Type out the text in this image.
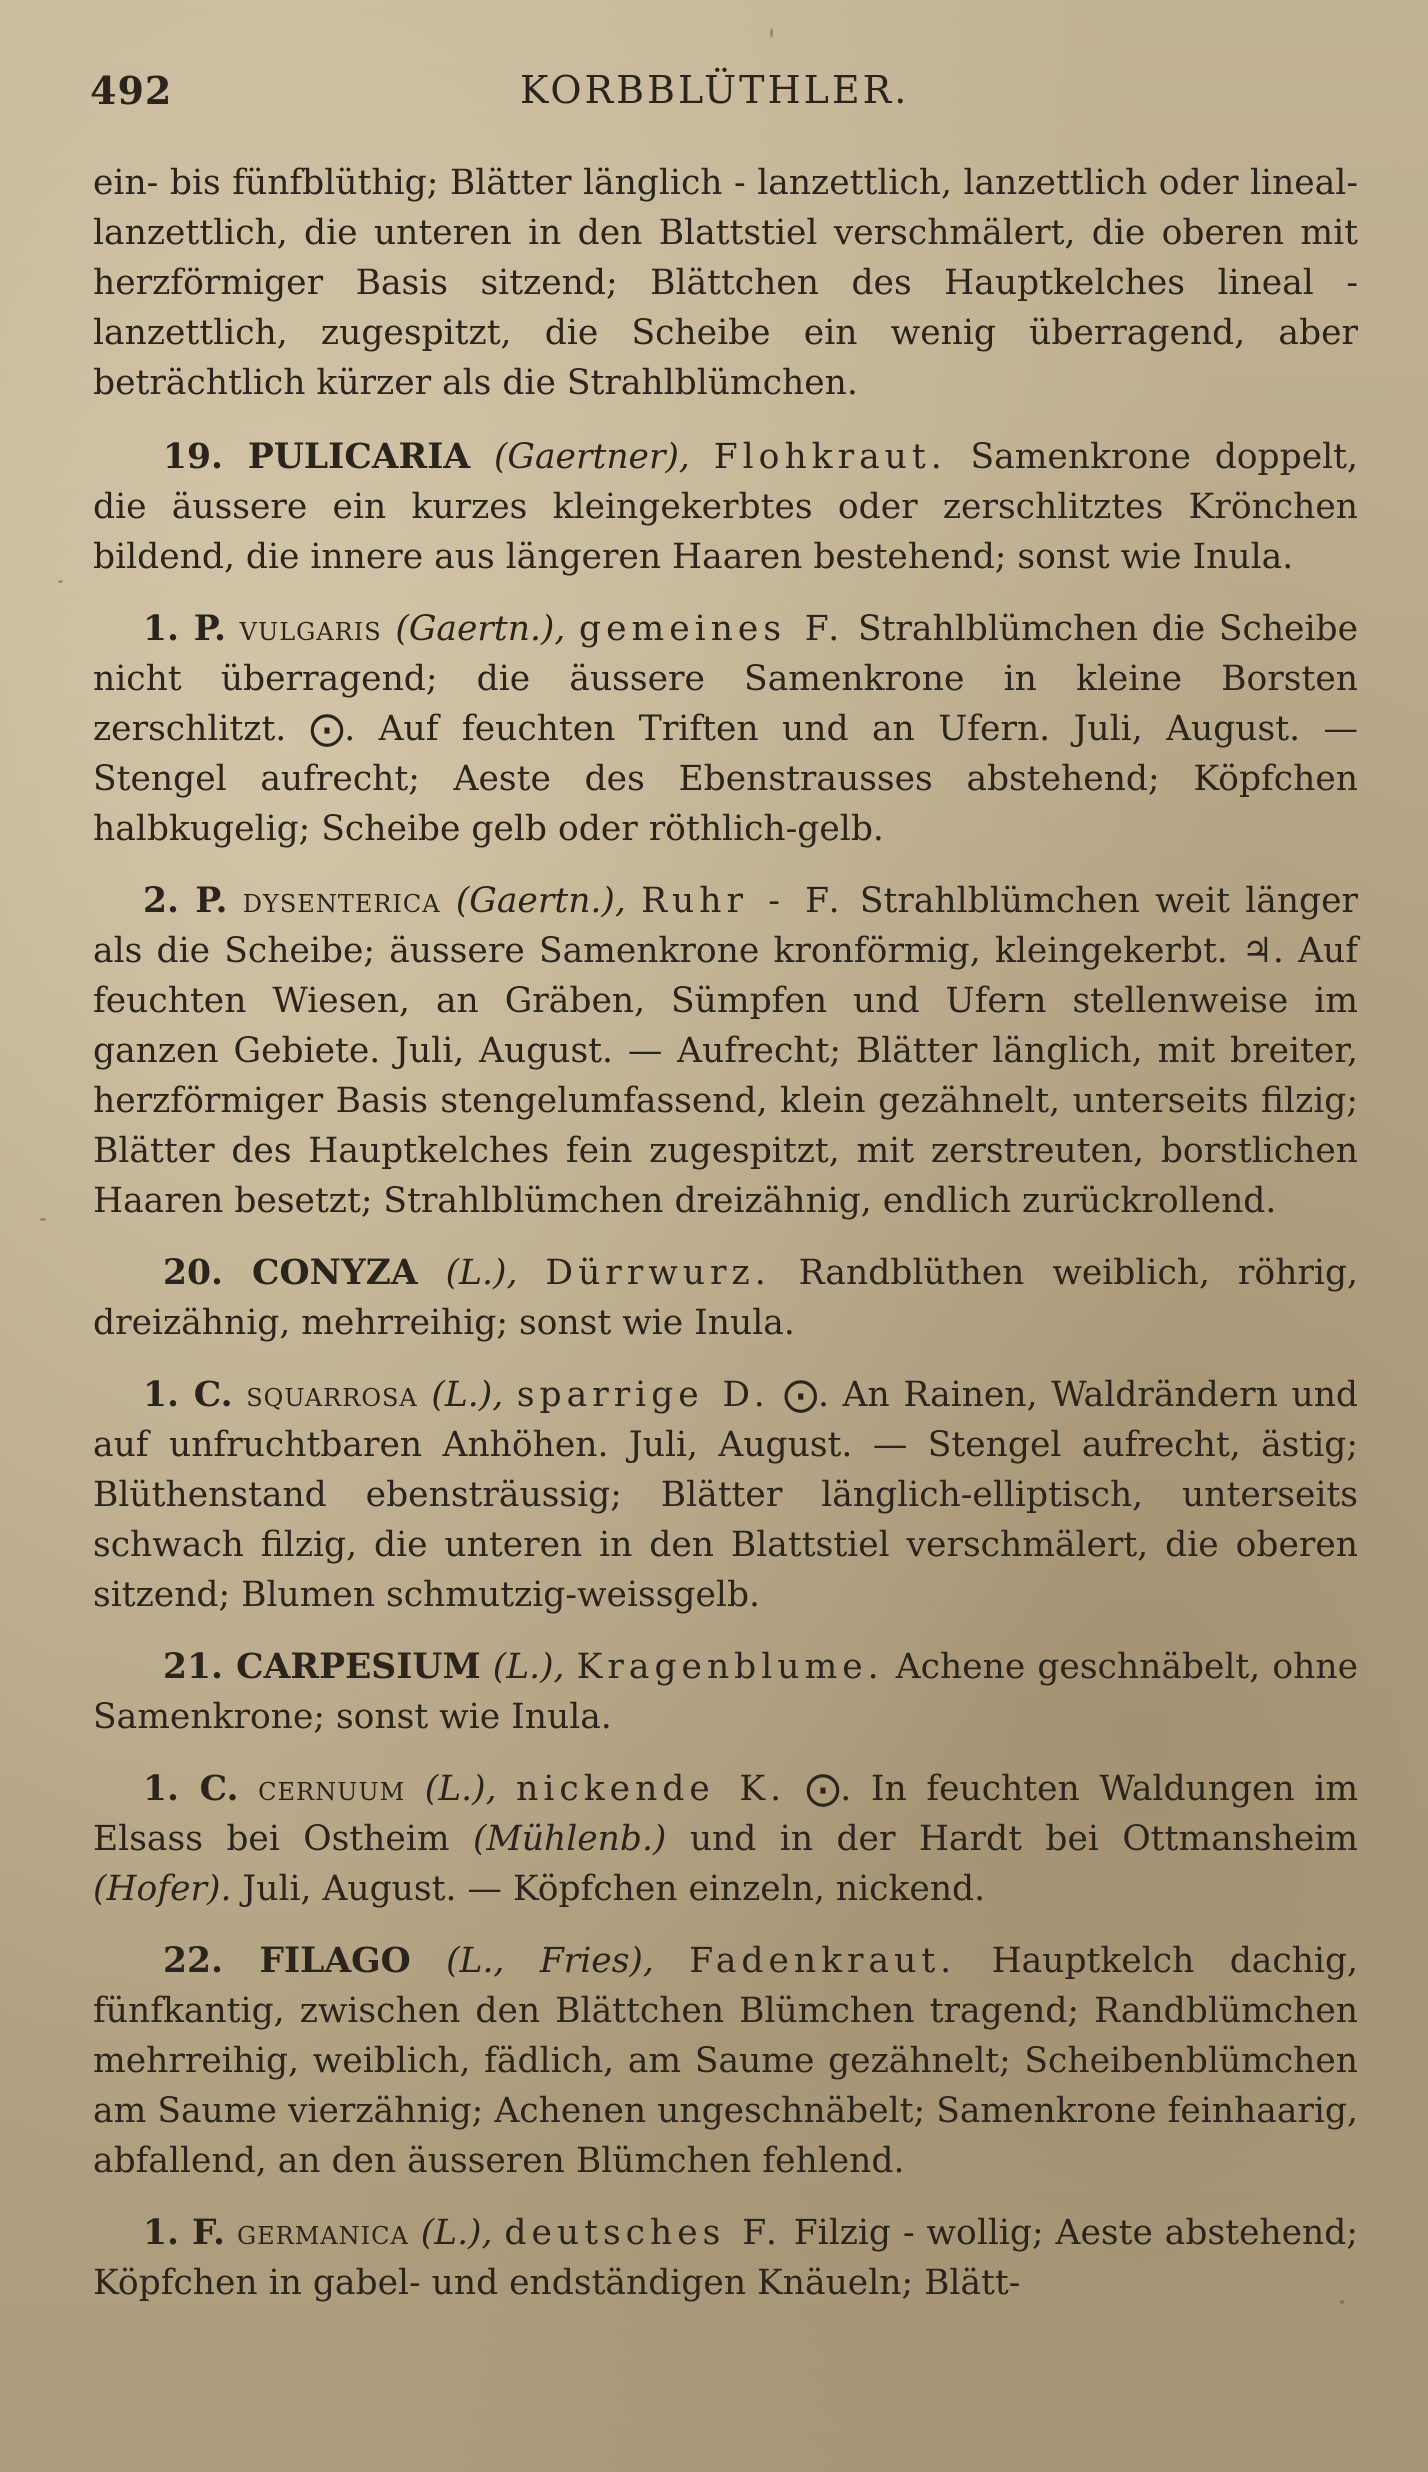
492	KORBBLÜTHLER.

ein- bis fünfblüthig; Blätter länglich - lanzettlich, lanzettlich oder lineal-lanzettlich, die unteren in den Blattstiel verschmälert, die oberen mit herzförmiger Basis sitzend; Blättchen des Hauptkelches lineal - lanzettlich, zugespitzt, die Scheibe ein wenig überragend, aber beträchtlich kürzer als die Strahlblümchen.

19. PULICARIA (Gaertner), Flohkraut. Samenkrone doppelt, die äussere ein kurzes kleingekerbtes oder zerschlitztes Krönchen bildend, die innere aus längeren Haaren bestehend; sonst wie Inula.

1. P. vulgaris (Gaertn.), gemeines F. Strahlblümchen die Scheibe nicht überragend; die äussere Samenkrone in kleine Borsten zerschlitzt. ⨀. Auf feuchten Triften und an Ufern. Juli, August. — Stengel aufrecht; Aeste des Ebenstrausses abstehend; Köpfchen halbkugelig; Scheibe gelb oder röthlich-gelb.

2. P. dysenterica (Gaertn.), Ruhr - F. Strahlblümchen weit länger als die Scheibe; äussere Samenkrone kronförmig, kleingekerbt. ♃. Auf feuchten Wiesen, an Gräben, Sümpfen und Ufern stellenweise im ganzen Gebiete. Juli, August. — Aufrecht; Blätter länglich, mit breiter, herzförmiger Basis stengelumfassend, klein gezähnelt, unterseits filzig; Blätter des Hauptkelches fein zugespitzt, mit zerstreuten, borstlichen Haaren besetzt; Strahlblümchen dreizähnig, endlich zurückrollend.

20. CONYZA (L.), Dürrwurz. Randblüthen weiblich, röhrig, dreizähnig, mehrreihig; sonst wie Inula.

1. C. squarrosa (L.), sparrige D. ⨀. An Rainen, Waldrändern und auf unfruchtbaren Anhöhen. Juli, August. — Stengel aufrecht, ästig; Blüthenstand ebensträussig; Blätter länglich-elliptisch, unterseits schwach filzig, die unteren in den Blattstiel verschmälert, die oberen sitzend; Blumen schmutzig-weissgelb.

21. CARPESIUM (L.), Kragenblume. Achene geschnäbelt, ohne Samenkrone; sonst wie Inula.

1. C. cernuum (L.), nickende K. ⨀. In feuchten Waldungen im Elsass bei Ostheim (Mühlenb.) und in der Hardt bei Ottmansheim (Hofer). Juli, August. — Köpfchen einzeln, nickend.

22. FILAGO (L., Fries), Fadenkraut. Hauptkelch dachig, fünfkantig, zwischen den Blättchen Blümchen tragend; Randblümchen mehrreihig, weiblich, fädlich, am Saume gezähnelt; Scheibenblümchen am Saume vierzähnig; Achenen ungeschnäbelt; Samenkrone feinhaarig, abfallend, an den äusseren Blümchen fehlend.

1. F. germanica (L.), deutsches F. Filzig - wollig; Aeste abstehend; Köpfchen in gabel- und endständigen Knäueln; Blätt-
